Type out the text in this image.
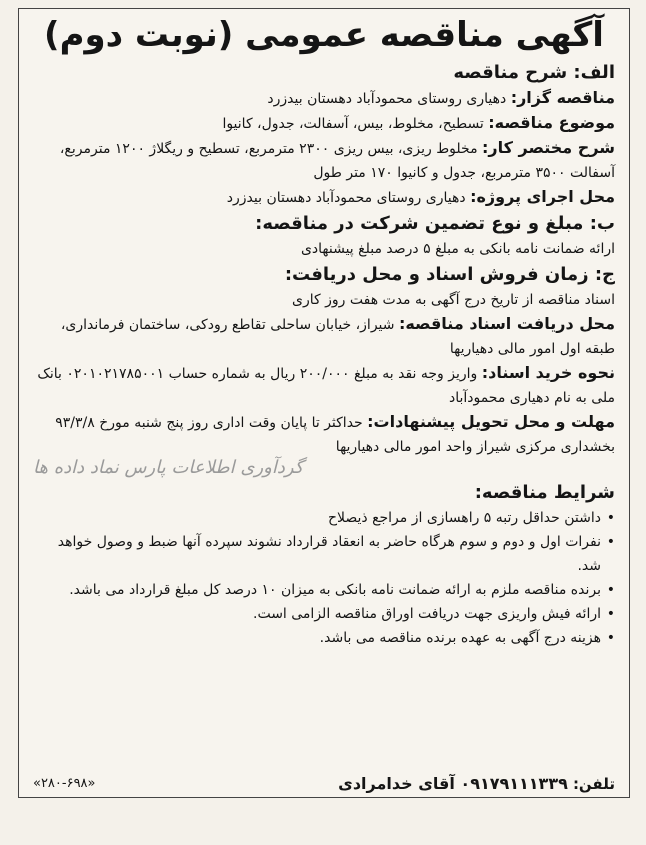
آگهی مناقصه عمومی (نوبت دوم)
الف: شرح مناقصه

مناقصه گزار: دهیاری روستای محمودآباد دهستان بیدزرد

موضوع مناقصه: تسطیح، مخلوط، بیس، آسفالت، جدول، کانیوا

شرح مختصر کار: مخلوط ریزی، بیس ریزی ۲۳۰۰ مترمربع، تسطیح و ریگلاژ ۱۲۰۰ مترمربع، آسفالت ۳۵۰۰ مترمربع، جدول و کانیوا ۱۷۰ متر طول

محل اجرای پروژه: دهیاری روستای محمودآباد دهستان بیدزرد

ب: مبلغ و نوع تضمین شرکت در مناقصه:

ارائه ضمانت نامه بانکی به مبلغ ۵ درصد مبلغ پیشنهادی

ج: زمان فروش اسناد و محل دریافت:

اسناد مناقصه از تاریخ درج آگهی به مدت هفت روز کاری

محل دریافت اسناد مناقصه: شیراز، خیابان ساحلی تقاطع رودکی، ساختمان فرمانداری، طبقه اول امور مالی دهیاریها

نحوه خرید اسناد: واریز وجه نقد به مبلغ ۲۰۰/۰۰۰ ریال به شماره حساب ۰۲۰۱۰۲۱۷۸۵۰۰۱ بانک ملی به نام دهیاری محمودآباد

مهلت و محل تحویل پیشنهادات: حداکثر تا پایان وقت اداری روز پنج شنبه مورخ ۹۳/۳/۸ بخشداری مرکزی شیراز واحد امور مالی دهیاریها

گردآوری اطلاعات پارس نماد داده ها
شرایط مناقصه:
• داشتن حداقل رتبه ۵ راهسازی از مراجع ذیصلاح
• نفرات اول و دوم و سوم هرگاه حاضر به انعقاد قرارداد نشوند سپرده آنها ضبط و وصول خواهد شد.
• برنده مناقصه ملزم به ارائه ضمانت نامه بانکی به میزان ۱۰ درصد کل مبلغ قرارداد می باشد.
• ارائه فیش واریزی جهت دریافت اوراق مناقصه الزامی است.
• هزینه درج آگهی به عهده برنده مناقصه می باشد.
تلفن: ۰۹۱۷۹۱۱۱۳۳۹ آقای خدامرادی
«۲۸۰-۶۹۸»
